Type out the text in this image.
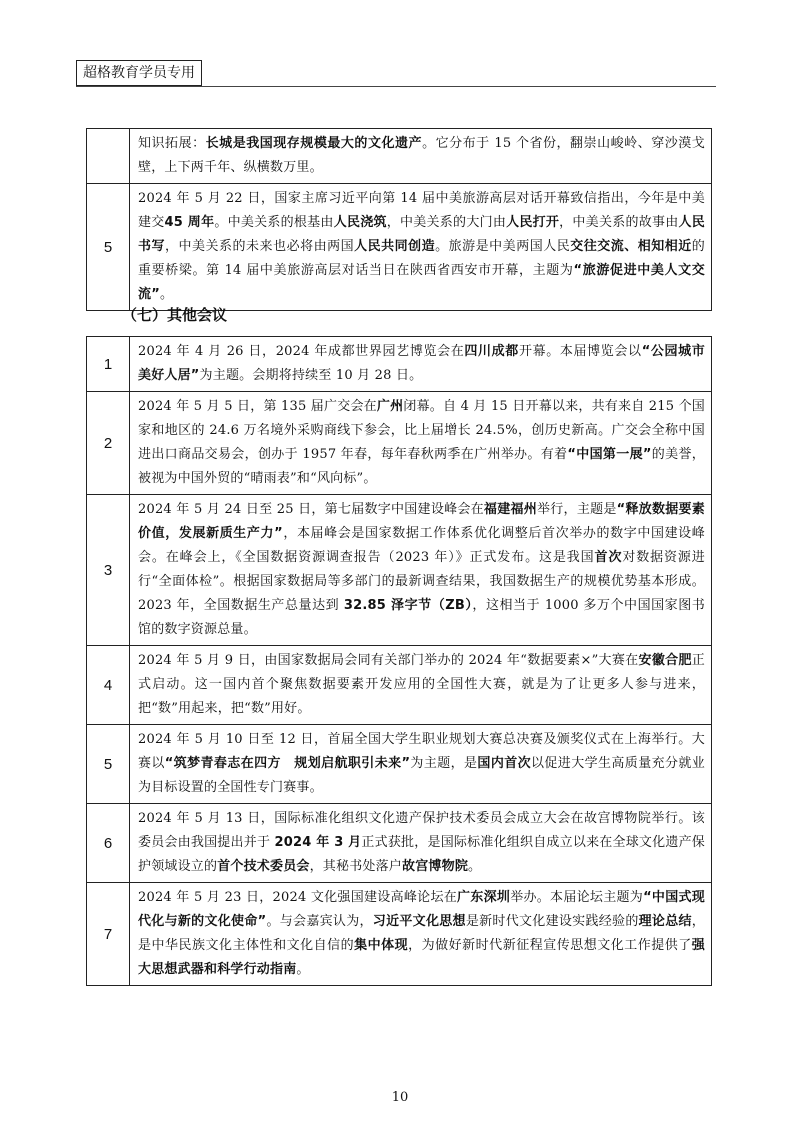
超格教育学员专用
	知识拓展：长城是我国现存规模最大的文化遗产。它分布于 15 个省份，翻崇山峻岭、穿沙漠戈壁，上下两千年、纵横数万里。
5	2024 年 5 月 22 日，国家主席习近平向第 14 届中美旅游高层对话开幕致信指出，今年是中美建交45 周年。中美关系的根基由人民浇筑，中美关系的大门由人民打开，中美关系的故事由人民书写，中美关系的未来也必将由两国人民共同创造。旅游是中美两国人民交往交流、相知相近的重要桥梁。第 14 届中美旅游高层对话当日在陕西省西安市开幕，主题为“旅游促进中美人文交流”。
（七）其他会议
1	2024 年 4 月 26 日，2024 年成都世界园艺博览会在四川成都开幕。本届博览会以“公园城市　美好人居”为主题。会期将持续至 10 月 28 日。
2	2024 年 5 月 5 日，第 135 届广交会在广州闭幕。自 4 月 15 日开幕以来，共有来自 215 个国家和地区的 24.6 万名境外采购商线下参会，比上届增长 24.5%，创历史新高。广交会全称中国进出口商品交易会，创办于 1957 年春，每年春秋两季在广州举办。有着“中国第一展”的美誉，被视为中国外贸的“晴雨表”和“风向标”。
3	2024 年 5 月 24 日至 25 日，第七届数字中国建设峰会在福建福州举行，主题是“释放数据要素价值，发展新质生产力”，本届峰会是国家数据工作体系优化调整后首次举办的数字中国建设峰会。在峰会上，《全国数据资源调查报告（2023 年）》正式发布。这是我国首次对数据资源进行“全面体检”。根据国家数据局等多部门的最新调查结果，我国数据生产的规模优势基本形成。2023 年，全国数据生产总量达到 32.85 泽字节（ZB），这相当于 1000 多万个中国国家图书馆的数字资源总量。
4	2024 年 5 月 9 日，由国家数据局会同有关部门举办的 2024 年“数据要素×”大赛在安徽合肥正式启动。这一国内首个聚焦数据要素开发应用的全国性大赛，就是为了让更多人参与进来，把“数”用起来，把“数”用好。
5	2024 年 5 月 10 日至 12 日，首届全国大学生职业规划大赛总决赛及颁奖仪式在上海举行。大赛以“筑梦青春志在四方　规划启航职引未来”为主题，是国内首次以促进大学生高质量充分就业为目标设置的全国性专门赛事。
6	2024 年 5 月 13 日，国际标准化组织文化遗产保护技术委员会成立大会在故宫博物院举行。该委员会由我国提出并于 2024 年 3 月正式获批，是国际标准化组织自成立以来在全球文化遗产保护领域设立的首个技术委员会，其秘书处落户故宫博物院。
7	2024 年 5 月 23 日，2024 文化强国建设高峰论坛在广东深圳举办。本届论坛主题为“中国式现代化与新的文化使命”。与会嘉宾认为，习近平文化思想是新时代文化建设实践经验的理论总结，是中华民族文化主体性和文化自信的集中体现，为做好新时代新征程宣传思想文化工作提供了强大思想武器和科学行动指南。
10
